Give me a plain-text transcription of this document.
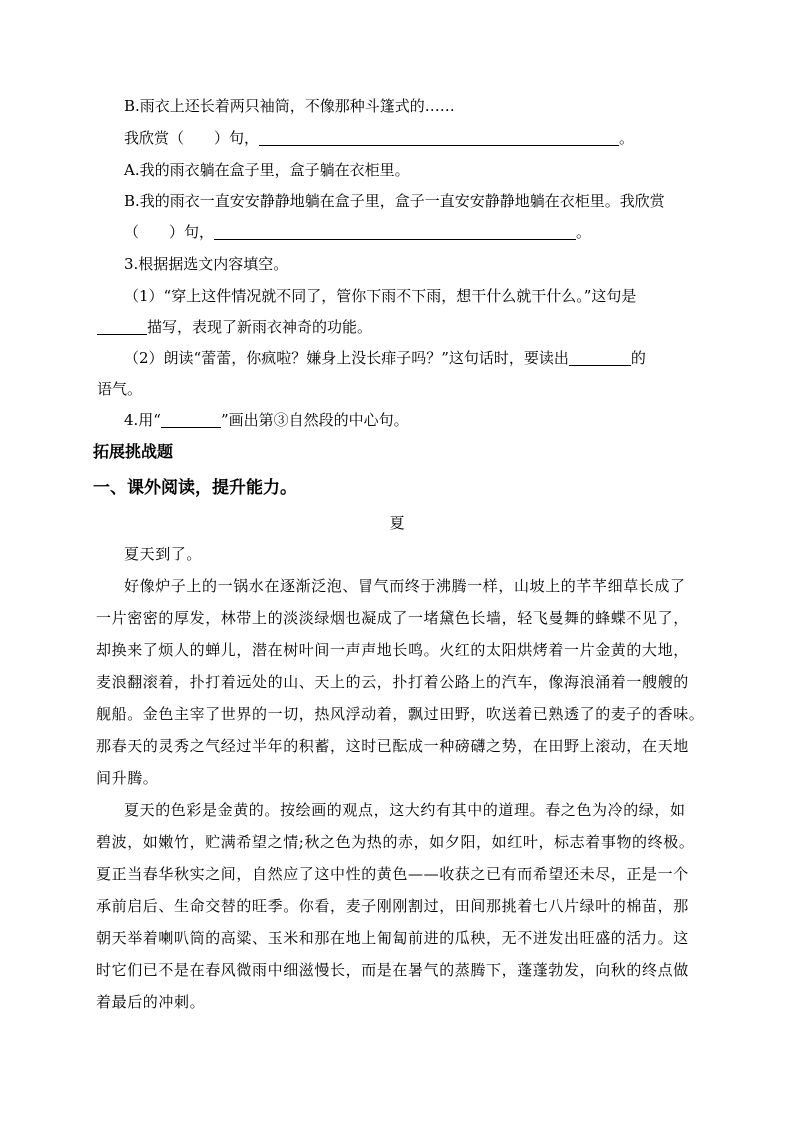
B.雨衣上还长着两只袖筒，不像那种斗篷式的……
我欣赏（　　）句，	。
A.我的雨衣躺在盒子里，盒子躺在衣柜里。
B.我的雨衣一直安安静静地躺在盒子里，盒子一直安安静静地躺在衣柜里。我欣赏
（　　）句，	。
3.根据据选文内容填空。
（1）“穿上这件情况就不同了，管你下雨不下雨，想干什么就干什么。”这句是
描写，表现了新雨衣神奇的功能。
（2）朗读“蕾蕾，你疯啦？嫌身上没长痱子吗？”这句话时，要读出	的
语气。
4.用“	”画出第③自然段的中心句。
拓展挑战题
一、课外阅读，提升能力。
夏
夏天到了。
好像炉子上的一锅水在逐渐泛泡、冒气而终于沸腾一样，山坡上的芊芊细草长成了
一片密密的厚发，林带上的淡淡绿烟也凝成了一堵黛色长墙，轻飞曼舞的蜂蝶不见了，
却换来了烦人的蝉儿，潜在树叶间一声声地长鸣。火红的太阳烘烤着一片金黄的大地，
麦浪翻滚着，扑打着远处的山、天上的云，扑打着公路上的汽车，像海浪涌着一艘艘的
舰船。金色主宰了世界的一切，热风浮动着，飘过田野，吹送着已熟透了的麦子的香味。
那春天的灵秀之气经过半年的积蓄，这时已酝成一种磅礴之势，在田野上滚动，在天地
间升腾。
夏天的色彩是金黄的。按绘画的观点，这大约有其中的道理。春之色为冷的绿，如
碧波，如嫩竹，贮满希望之情;秋之色为热的赤，如夕阳，如红叶，标志着事物的终极。
夏正当春华秋实之间，自然应了这中性的黄色——收获之已有而希望还未尽，正是一个
承前启后、生命交替的旺季。你看，麦子刚刚割过，田间那挑着七八片绿叶的棉苗，那
朝天举着喇叭筒的高粱、玉米和那在地上匍匐前进的瓜秧，无不迸发出旺盛的活力。这
时它们已不是在春风微雨中细滋慢长，而是在暑气的蒸腾下，蓬蓬勃发，向秋的终点做
着最后的冲刺。
